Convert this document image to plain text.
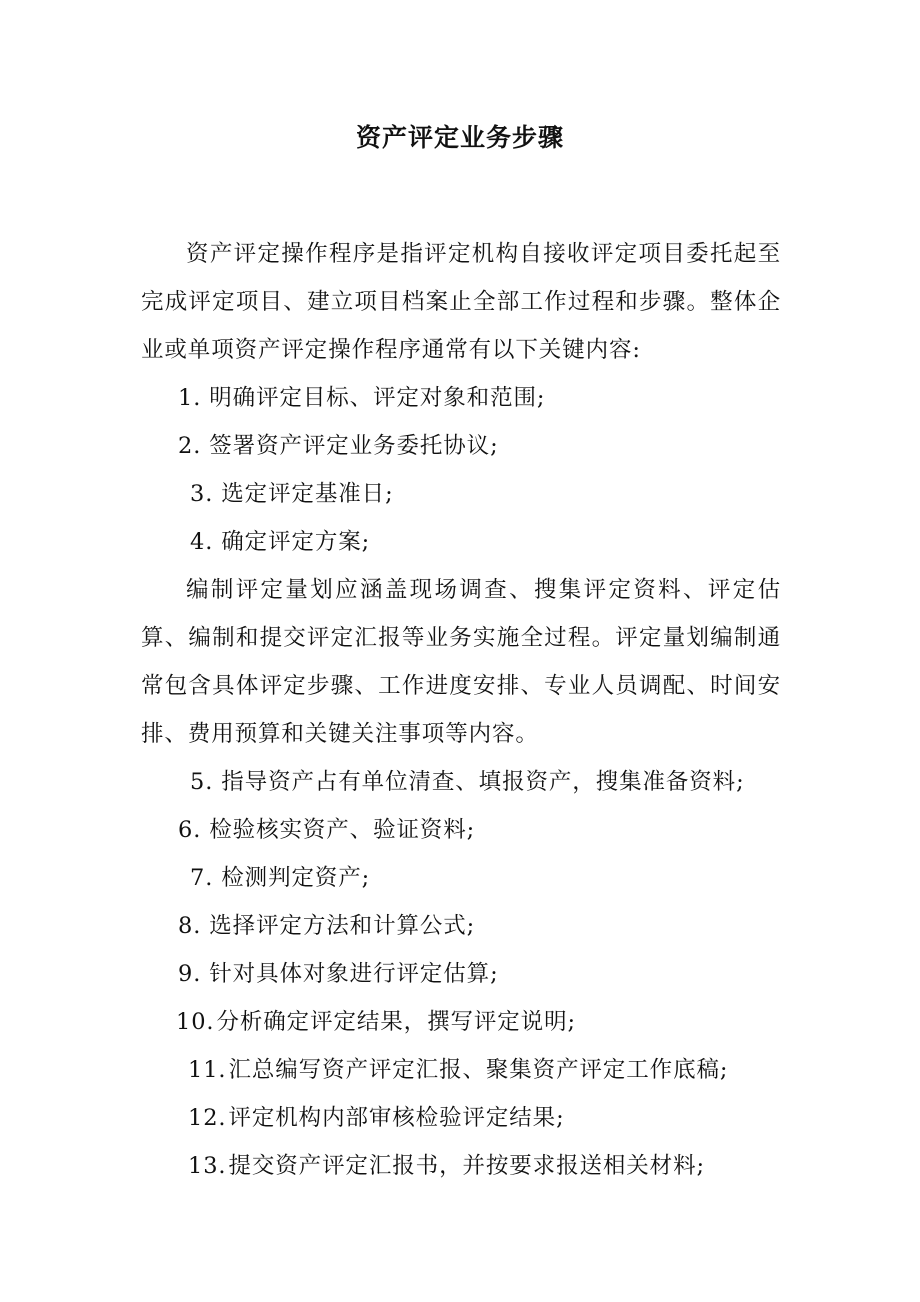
资产评定业务步骤

资产评定操作程序是指评定机构自接收评定项目委托起至完成评定项目、建立项目档案止全部工作过程和步骤。整体企业或单项资产评定操作程序通常有以下关键内容:

1. 明确评定目标、评定对象和范围;
2. 签署资产评定业务委托协议;
3. 选定评定基准日;
4. 确定评定方案;

编制评定量划应涵盖现场调查、搜集评定资料、评定估算、编制和提交评定汇报等业务实施全过程。评定量划编制通常包含具体评定步骤、工作进度安排、专业人员调配、时间安排、费用预算和关键关注事项等内容。

5. 指导资产占有单位清查、填报资产，搜集准备资料;
6. 检验核实资产、验证资料;
7. 检测判定资产;
8. 选择评定方法和计算公式;
9. 针对具体对象进行评定估算;
10.分析确定评定结果，撰写评定说明;
11.汇总编写资产评定汇报、聚集资产评定工作底稿;
12.评定机构内部审核检验评定结果;
13.提交资产评定汇报书，并按要求报送相关材料;
